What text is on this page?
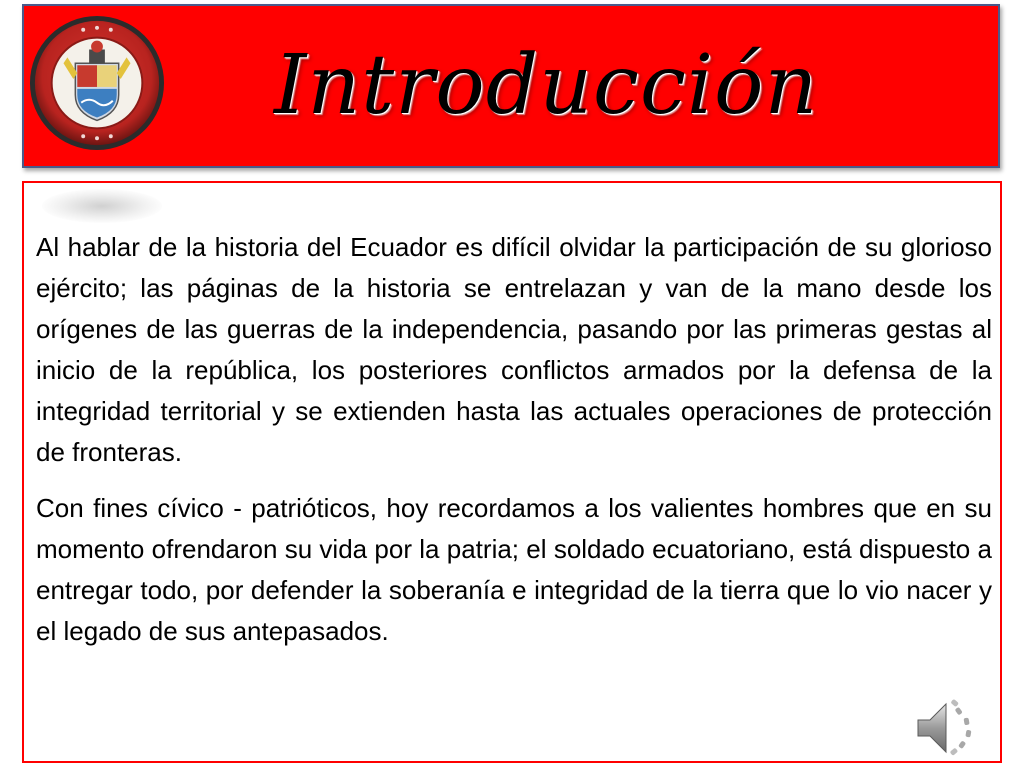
Introducción

Al hablar de la historia del Ecuador es difícil olvidar la participación de su glorioso ejército; las páginas de la historia se entrelazan y van de la mano desde los orígenes de las guerras de la independencia, pasando por las primeras gestas al inicio de la república, los posteriores conflictos armados por la defensa de la integridad territorial y se extienden hasta las actuales operaciones de protección de fronteras.

Con fines cívico - patrióticos, hoy recordamos a los valientes hombres que en su momento ofrendaron su vida por la patria; el soldado ecuatoriano, está dispuesto a entregar todo, por defender la soberanía e integridad de la tierra que lo vio nacer y el legado de sus antepasados.
